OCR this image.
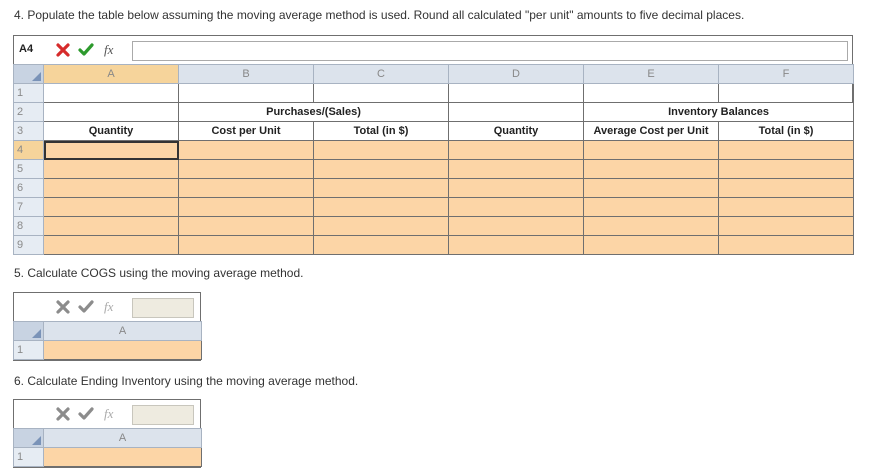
4. Populate the table below assuming the moving average method is used. Round all calculated "per unit" amounts to five decimal places.
A4	fx
	A	B	C	D	E	F
1						
2		Purchases/(Sales)			Inventory Balances	
3	Quantity	Cost per Unit	Total (in $)	Quantity	Average Cost per Unit	Total (in $)
4						
5						
6						
7						
8						
9						
5. Calculate COGS using the moving average method.
fx
	A
1	
6. Calculate Ending Inventory using the moving average method.
fx
	A
1	
